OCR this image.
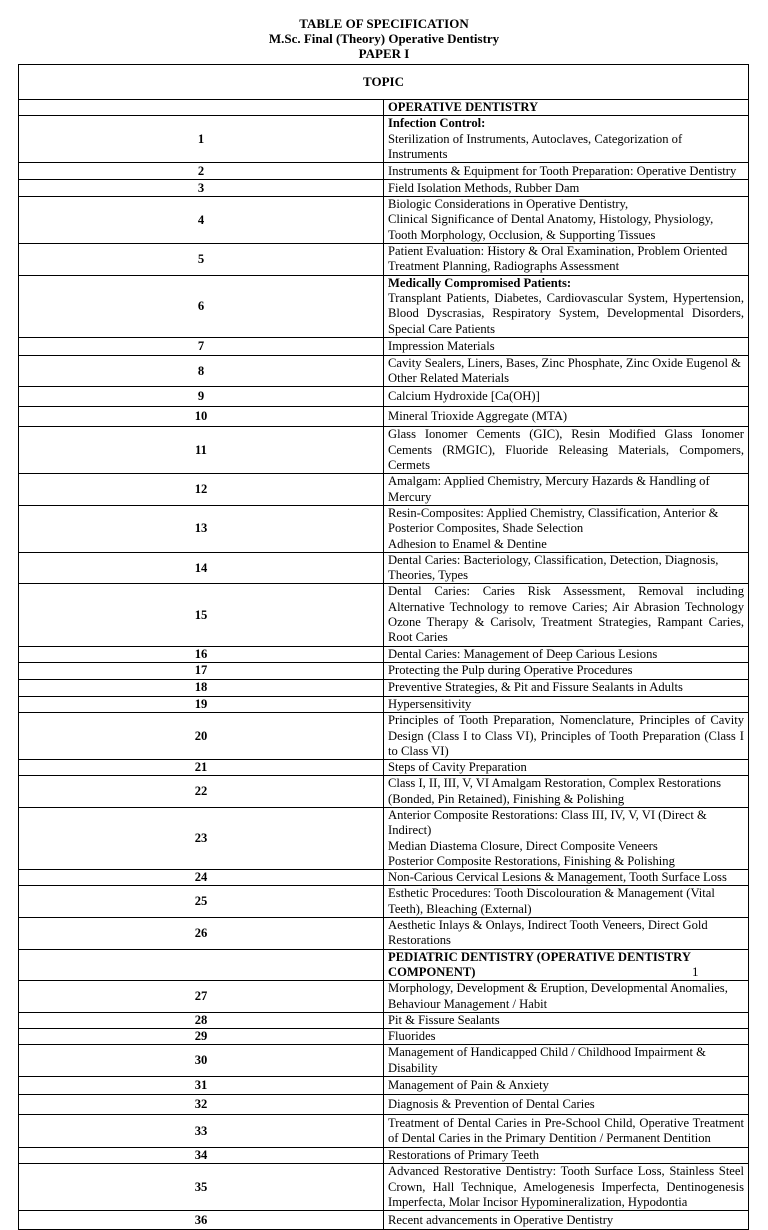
TABLE OF SPECIFICATION
M.Sc. Final (Theory) Operative Dentistry
PAPER I
TOPIC	

	OPERATIVE DENTISTRY

1	Infection Control:
Sterilization of Instruments, Autoclaves, Categorization of Instruments

2	Instruments & Equipment for Tooth Preparation: Operative Dentistry

3	Field Isolation Methods, Rubber Dam

4	Biologic Considerations in Operative Dentistry,
Clinical Significance of Dental Anatomy, Histology, Physiology, Tooth Morphology, Occlusion, & Supporting Tissues

5	Patient Evaluation: History & Oral Examination, Problem Oriented Treatment Planning, Radiographs Assessment

6	Medically Compromised Patients:
Transplant Patients, Diabetes, Cardiovascular System, Hypertension, Blood Dyscrasias, Respiratory System, Developmental Disorders, Special Care Patients

7	Impression Materials

8	Cavity Sealers, Liners, Bases, Zinc Phosphate, Zinc Oxide Eugenol & Other Related Materials

9	Calcium Hydroxide [Ca(OH)]

10	Mineral Trioxide Aggregate (MTA)

11	Glass Ionomer Cements (GIC), Resin Modified Glass Ionomer Cements (RMGIC), Fluoride Releasing Materials, Compomers, Cermets

12	Amalgam: Applied Chemistry, Mercury Hazards & Handling of Mercury

13	Resin-Composites: Applied Chemistry, Classification, Anterior & Posterior Composites, Shade Selection
Adhesion to Enamel & Dentine

14	Dental Caries: Bacteriology, Classification, Detection, Diagnosis, Theories, Types

15	Dental Caries: Caries Risk Assessment, Removal including Alternative Technology to remove Caries; Air Abrasion Technology Ozone Therapy & Carisolv, Treatment Strategies, Rampant Caries, Root Caries

16	Dental Caries: Management of Deep Carious Lesions

17	Protecting the Pulp during Operative Procedures

18	Preventive Strategies, & Pit and Fissure Sealants in Adults

19	Hypersensitivity

20	Principles of Tooth Preparation, Nomenclature, Principles of Cavity Design (Class I to Class VI), Principles of Tooth Preparation (Class I to Class VI)

21	Steps of Cavity Preparation

22	Class I, II, III, V, VI Amalgam Restoration, Complex Restorations (Bonded, Pin Retained), Finishing & Polishing

23	Anterior Composite Restorations: Class III, IV, V, VI (Direct & Indirect)
Median Diastema Closure, Direct Composite Veneers
Posterior Composite Restorations, Finishing & Polishing

24	Non-Carious Cervical Lesions & Management, Tooth Surface Loss

25	Esthetic Procedures: Tooth Discolouration & Management (Vital Teeth), Bleaching (External)

26	Aesthetic Inlays & Onlays, Indirect Tooth Veneers, Direct Gold Restorations

	PEDIATRIC DENTISTRY (OPERATIVE DENTISTRY COMPONENT)

27	Morphology, Development & Eruption, Developmental Anomalies, Behaviour Management / Habit

28	Pit & Fissure Sealants

29	Fluorides

30	Management of Handicapped Child / Childhood Impairment & Disability

31	Management of Pain & Anxiety

32	Diagnosis & Prevention of Dental Caries

33	Treatment of Dental Caries in Pre-School Child, Operative Treatment of Dental Caries in the Primary Dentition / Permanent Dentition

34	Restorations of Primary Teeth

35	Advanced Restorative Dentistry: Tooth Surface Loss, Stainless Steel Crown, Hall Technique, Amelogenesis Imperfecta, Dentinogenesis Imperfecta, Molar Incisor Hypomineralization, Hypodontia

36	Recent advancements in Operative Dentistry
1
